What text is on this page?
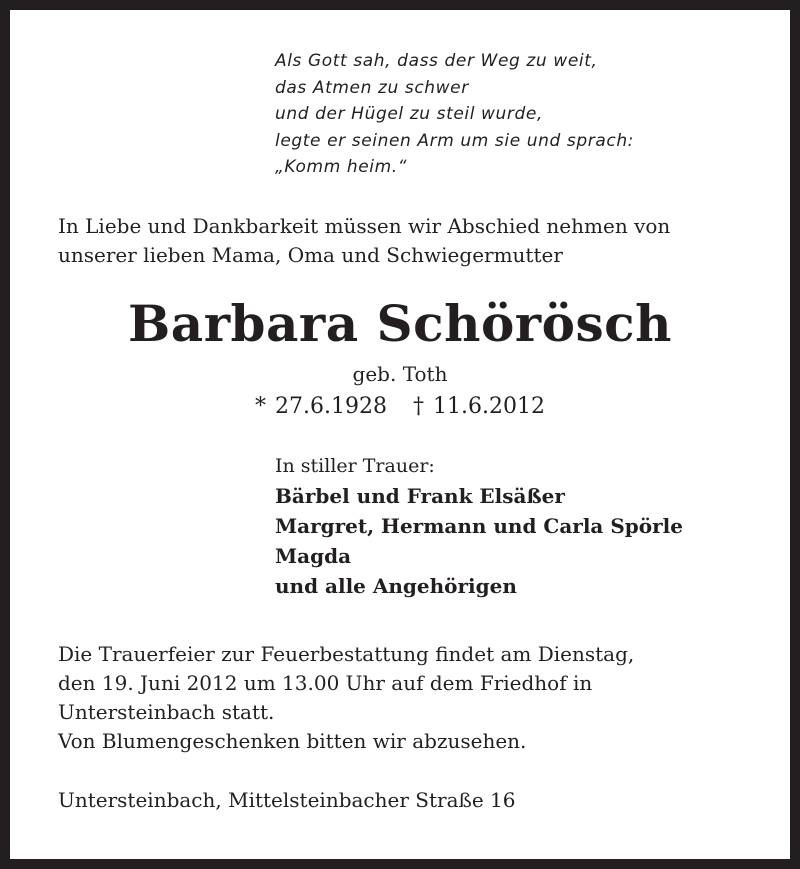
Als Gott sah, dass der Weg zu weit,
das Atmen zu schwer
und der Hügel zu steil wurde,
legte er seinen Arm um sie und sprach:
„Komm heim.“
In Liebe und Dankbarkeit müssen wir Abschied nehmen von
unserer lieben Mama, Oma und Schwiegermutter
Barbara Schörösch
geb. Toth
* 27.6.1928 † 11.6.2012
In stiller Trauer:
Bärbel und Frank Elsäßer
Margret, Hermann und Carla Spörle
Magda
und alle Angehörigen
Die Trauerfeier zur Feuerbestattung findet am Dienstag,
den 19. Juni 2012 um 13.00 Uhr auf dem Friedhof in
Untersteinbach statt.
Von Blumengeschenken bitten wir abzusehen.
Untersteinbach, Mittelsteinbacher Straße 16
